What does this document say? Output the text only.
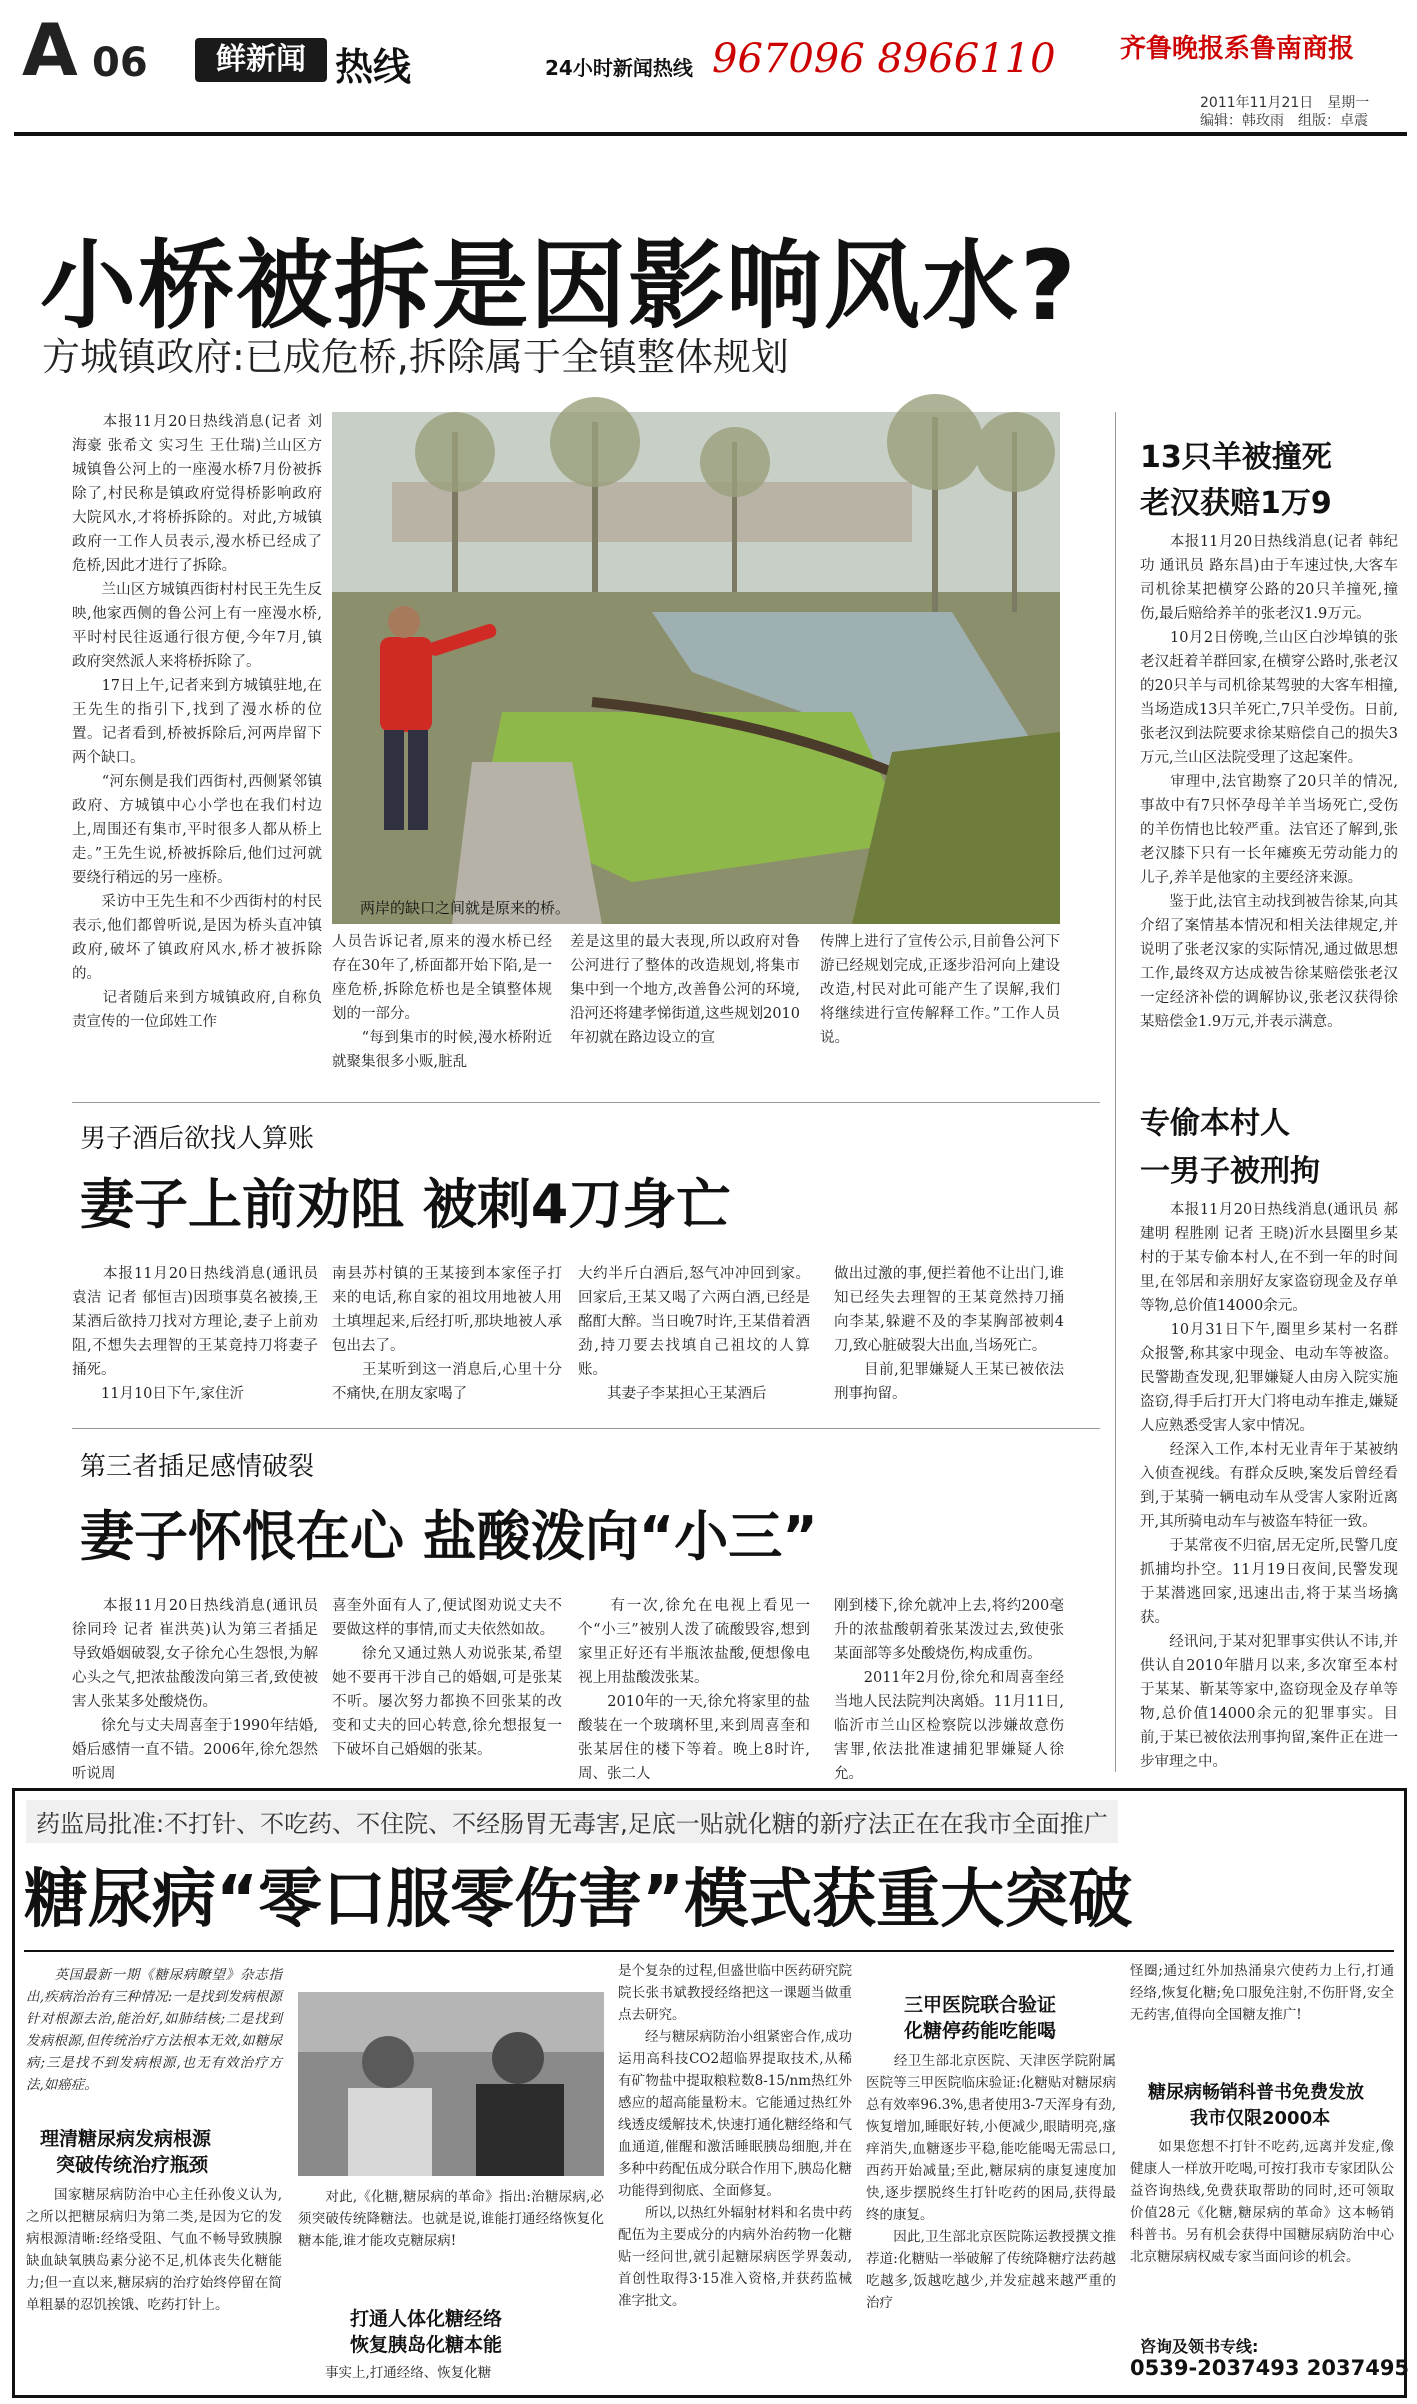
A 06	鲜新闻 热线	24小时新闻热线 967096 8966110 齐鲁晚报系鲁南商报
2011年11月21日　星期一
编辑：韩玫雨　组版：卓震
小桥被拆是因影响风水?
方城镇政府:已成危桥,拆除属于全镇整体规划
　　本报11月20日热线消息(记者 刘海豪 张希文 实习生 王仕瑞)兰山区方城镇鲁公河上的一座漫水桥7月份被拆除了,村民称是镇政府觉得桥影响政府大院风水,才将桥拆除的。对此,方城镇政府一工作人员表示,漫水桥已经成了危桥,因此才进行了拆除。
　　兰山区方城镇西街村村民王先生反映,他家西侧的鲁公河上有一座漫水桥,平时村民往返通行很方便,今年7月,镇政府突然派人来将桥拆除了。
　　17日上午,记者来到方城镇驻地,在王先生的指引下,找到了漫水桥的位置。记者看到,桥被拆除后,河两岸留下两个缺口。
　　“河东侧是我们西街村,西侧紧邻镇政府、方城镇中心小学也在我们村边上,周围还有集市,平时很多人都从桥上走。”王先生说,桥被拆除后,他们过河就要绕行稍远的另一座桥。
　　采访中王先生和不少西街村的村民表示,他们都曾听说,是因为桥头直冲镇政府,破坏了镇政府风水,桥才被拆除的。
　　记者随后来到方城镇政府,自称负责宣传的一位邱姓工作
两岸的缺口之间就是原来的桥。
人员告诉记者,原来的漫水桥已经存在30年了,桥面都开始下陷,是一座危桥,拆除危桥也是全镇整体规划的一部分。
　　“每到集市的时候,漫水桥附近就聚集很多小贩,脏乱
差是这里的最大表现,所以政府对鲁公河进行了整体的改造规划,将集市集中到一个地方,改善鲁公河的环境,沿河还将建孝悌街道,这些规划2010年初就在路边设立的宣
传牌上进行了宣传公示,目前鲁公河下游已经规划完成,正逐步沿河向上建设改造,村民对此可能产生了误解,我们将继续进行宣传解释工作。”工作人员说。
13只羊被撞死
老汉获赔1万9
　　本报11月20日热线消息(记者 韩纪功 通讯员 路东昌)由于车速过快,大客车司机徐某把横穿公路的20只羊撞死,撞伤,最后赔给养羊的张老汉1.9万元。
　　10月2日傍晚,兰山区白沙埠镇的张老汉赶着羊群回家,在横穿公路时,张老汉的20只羊与司机徐某驾驶的大客车相撞,当场造成13只羊死亡,7只羊受伤。日前,张老汉到法院要求徐某赔偿自己的损失3万元,兰山区法院受理了这起案件。
　　审理中,法官勘察了20只羊的情况,事故中有7只怀孕母羊羊当场死亡,受伤的羊伤情也比较严重。法官还了解到,张老汉膝下只有一长年瘫痪无劳动能力的儿子,养羊是他家的主要经济来源。
　　鉴于此,法官主动找到被告徐某,向其介绍了案情基本情况和相关法律规定,并说明了张老汉家的实际情况,通过做思想工作,最终双方达成被告徐某赔偿张老汉一定经济补偿的调解协议,张老汉获得徐某赔偿金1.9万元,并表示满意。
专偷本村人
一男子被刑拘
　　本报11月20日热线消息(通讯员 郝建明 程胜刚 记者 王晓)沂水县圈里乡某村的于某专偷本村人,在不到一年的时间里,在邻居和亲朋好友家盗窃现金及存单等物,总价值14000余元。
　　10月31日下午,圈里乡某村一名群众报警,称其家中现金、电动车等被盗。民警勘查发现,犯罪嫌疑人由房入院实施盗窃,得手后打开大门将电动车推走,嫌疑人应熟悉受害人家中情况。
　　经深入工作,本村无业青年于某被纳入侦查视线。有群众反映,案发后曾经看到,于某骑一辆电动车从受害人家附近离开,其所骑电动车与被盗车特征一致。
　　于某常夜不归宿,居无定所,民警几度抓捕均扑空。11月19日夜间,民警发现于某潜逃回家,迅速出击,将于某当场擒获。
　　经讯问,于某对犯罪事实供认不讳,并供认自2010年腊月以来,多次窜至本村于某某、靳某等家中,盗窃现金及存单等物,总价值14000余元的犯罪事实。目前,于某已被依法刑事拘留,案件正在进一步审理之中。
男子酒后欲找人算账
妻子上前劝阻 被刺4刀身亡
　　本报11月20日热线消息(通讯员 袁洁 记者 郁恒吉)因琐事莫名被揍,王某酒后欲持刀找对方理论,妻子上前劝阻,不想失去理智的王某竟持刀将妻子捅死。
　　11月10日下午,家住沂
南县苏村镇的王某接到本家侄子打来的电话,称自家的祖坟用地被人用土填埋起来,后经打听,那块地被人承包出去了。
　　王某听到这一消息后,心里十分不痛快,在朋友家喝了
大约半斤白酒后,怒气冲冲回到家。回家后,王某又喝了六两白酒,已经是酩酊大醉。当日晚7时许,王某借着酒劲,持刀要去找填自己祖坟的人算账。
　　其妻子李某担心王某酒后
做出过激的事,便拦着他不让出门,谁知已经失去理智的王某竟然持刀捅向李某,躲避不及的李某胸部被刺4刀,致心脏破裂大出血,当场死亡。
　　目前,犯罪嫌疑人王某已被依法刑事拘留。
第三者插足感情破裂
妻子怀恨在心 盐酸泼向“小三”
　　本报11月20日热线消息(通讯员 徐同玲 记者 崔洪英)认为第三者插足导致婚姻破裂,女子徐允心生怨恨,为解心头之气,把浓盐酸泼向第三者,致使被害人张某多处酸烧伤。
　　徐允与丈夫周喜奎于1990年结婚,婚后感情一直不错。2006年,徐允怨然听说周
喜奎外面有人了,便试图劝说丈夫不要做这样的事情,而丈夫依然如故。
　　徐允又通过熟人劝说张某,希望她不要再干涉自己的婚姻,可是张某不听。屡次努力都换不回张某的改变和丈夫的回心转意,徐允想报复一下破坏自己婚姻的张某。
　　有一次,徐允在电视上看见一个“小三”被别人泼了硫酸毁容,想到家里正好还有半瓶浓盐酸,便想像电视上用盐酸泼张某。
　　2010年的一天,徐允将家里的盐酸装在一个玻璃杯里,来到周喜奎和张某居住的楼下等着。晚上8时许,周、张二人
刚到楼下,徐允就冲上去,将约200毫升的浓盐酸朝着张某泼过去,致使张某面部等多处酸烧伤,构成重伤。
　　2011年2月份,徐允和周喜奎经当地人民法院判决离婚。11月11日,临沂市兰山区检察院以涉嫌故意伤害罪,依法批准逮捕犯罪嫌疑人徐允。
药监局批准:不打针、不吃药、不住院、不经肠胃无毒害,足底一贴就化糖的新疗法正在在我市全面推广
糖尿病“零口服零伤害”模式获重大突破
　　英国最新一期《糖尿病瞭望》杂志指出,疾病治治有三种情况:一是找到发病根源针对根源去治,能治好,如肺结核;二是找到发病根源,但传统治疗方法根本无效,如糖尿病;三是找不到发病根源,也无有效治疗方法,如癌症。
理清糖尿病发病根源
突破传统治疗瓶颈
　　国家糖尿病防治中心主任孙俊义认为,之所以把糖尿病归为第二类,是因为它的发病根源清晰:经络受阻、气血不畅导致胰腺缺血缺氧胰岛素分泌不足,机体丧失化糖能力;但一直以来,糖尿病的治疗始终停留在简单粗暴的忍饥挨饿、吃药打针上。
　　对此,《化糖,糖尿病的革命》指出:治糖尿病,必须突破传统降糖法。也就是说,谁能打通经络恢复化糖本能,谁才能攻克糖尿病!
打通人体化糖经络
恢复胰岛化糖本能
　　事实上,打通经络、恢复化糖
是个复杂的过程,但盛世临中医药研究院院长张书斌教授经络把这一课题当做重点去研究。
　　经与糖尿病防治小组紧密合作,成功运用高科技CO2超临界提取技术,从稀有矿物盐中提取粮粒数8-15/nm热红外感应的超高能量粉末。它能通过热红外线透皮缓解技术,快速打通化糖经络和气血通道,催醒和激活睡眠胰岛细胞,并在多种中药配伍成分联合作用下,胰岛化糖功能得到彻底、全面修复。
　　所以,以热红外辐射材料和名贵中药配伍为主要成分的内病外治药物一化糖贴一经问世,就引起糖尿病医学界轰动,首创性取得3·15准入资格,并获药监械准字批文。
三甲医院联合验证
化糖停药能吃能喝
　　经卫生部北京医院、天津医学院附属医院等三甲医院临床验证:化糖贴对糖尿病总有效率96.3%,患者使用3-7天浑身有劲,恢复增加,睡眠好转,小便减少,眼睛明亮,瘙痒消失,血糖逐步平稳,能吃能喝无需忌口,西药开始减量;至此,糖尿病的康复速度加快,逐步摆脱终生打针吃药的困局,获得最终的康复。
　　因此,卫生部北京医院陈运教授撰文推荐道:化糖贴一举破解了传统降糖疗法药越吃越多,饭越吃越少,并发症越来越严重的治疗
怪圈;通过红外加热涌泉穴使药力上行,打通经络,恢复化糖;免口服免注射,不伤肝肾,安全无药害,值得向全国糖友推广!
糖尿病畅销科普书免费发放
我市仅限2000本
　　如果您想不打针不吃药,远离并发症,像健康人一样放开吃喝,可按打我市专家团队公益咨询热线,免费获取帮助的同时,还可领取价值28元《化糖,糖尿病的革命》这本畅销科普书。另有机会获得中国糖尿病防治中心北京糖尿病权威专家当面问诊的机会。
咨询及领书专线:
0539-2037493 2037495
